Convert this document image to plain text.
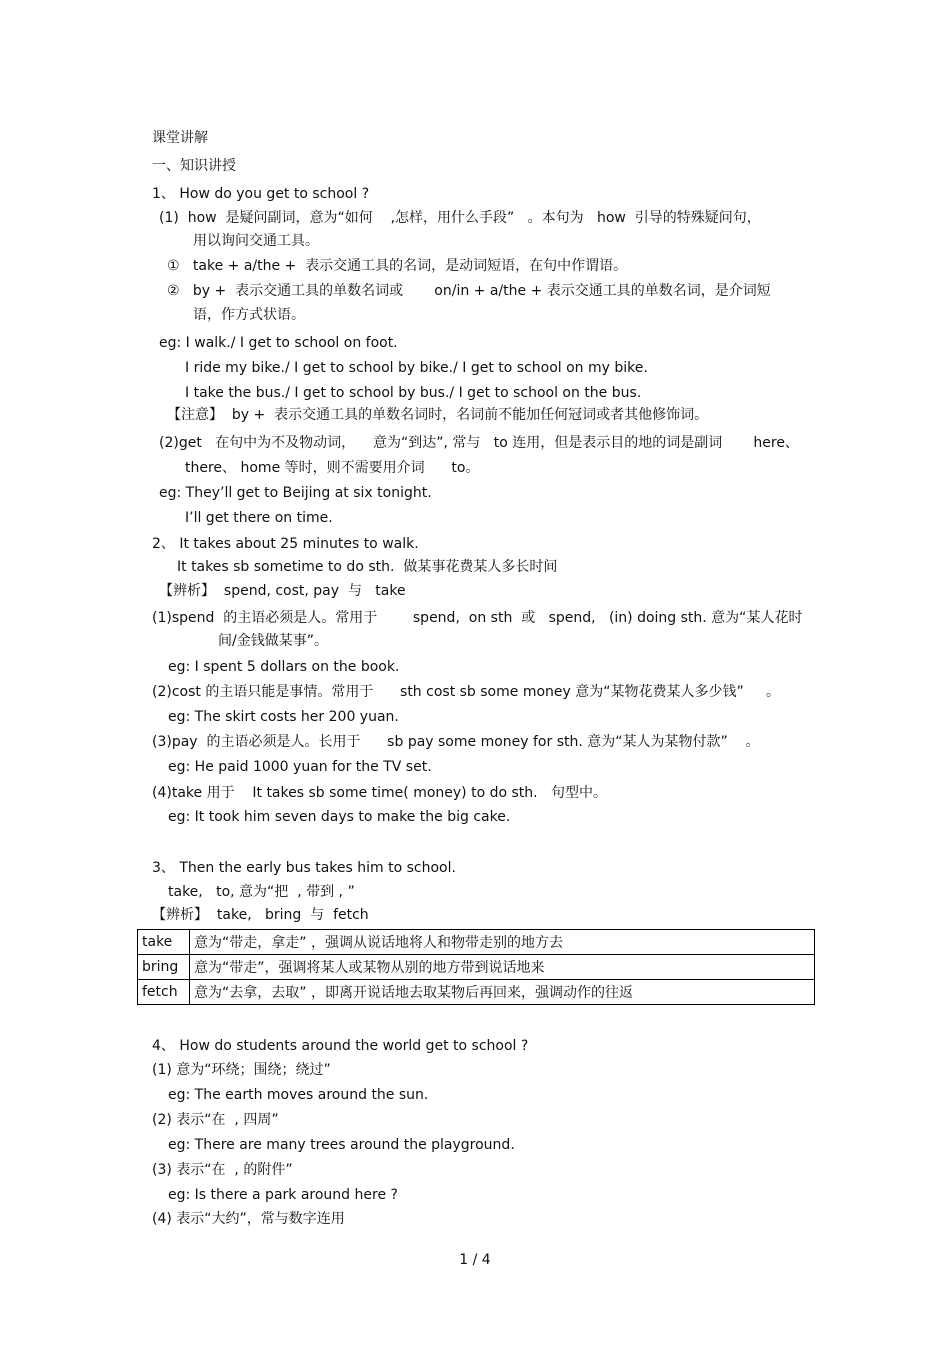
课堂讲解
一、知识讲授
1、 How do you get to school ?
(1)  how  是疑问副词，意为“如何    ,怎样，用什么手段”   。本句为   how  引导的特殊疑问句，
用以询问交通工具。
①   take + a/the +  表示交通工具的名词，是动词短语，在句中作谓语。
②   by +  表示交通工具的单数名词或       on/in + a/the + 表示交通工具的单数名词，是介词短
语，作方式状语。
eg: I walk./ I get to school on foot.
I ride my bike./ I get to school by bike./ I get to school on my bike.
I take the bus./ I get to school by bus./ I get to school on the bus.
【注意】  by +  表示交通工具的单数名词时，名词前不能加任何冠词或者其他修饰词。
(2)get   在句中为不及物动词，    意为“到达”, 常与   to 连用，但是表示目的地的词是副词       here、
there、 home 等时，则不需要用介词      to。
eg: They’ll get to Beijing at six tonight.
I’ll get there on time.
2、 It takes about 25 minutes to walk.
It takes sb sometime to do sth.  做某事花费某人多长时间
【辨析】  spend, cost, pay  与   take
(1)spend  的主语必须是人。常用于        spend,  on sth  或   spend,   (in) doing sth. 意为“某人花时
间/金钱做某事”。
eg: I spent 5 dollars on the book.
(2)cost 的主语只能是事情。常用于      sth cost sb some money 意为“某物花费某人多少钱”     。
eg: The skirt costs her 200 yuan.
(3)pay  的主语必须是人。长用于      sb pay some money for sth. 意为“某人为某物付款”    。
eg: He paid 1000 yuan for the TV set.
(4)take 用于    It takes sb some time( money) to do sth.   句型中。
eg: It took him seven days to make the big cake.
3、 Then the early bus takes him to school.
take,   to, 意为“把  , 带到 , ”
【辨析】  take,   bring  与  fetch
take	意为“带走，拿走” ，强调从说话地将人和物带走别的地方去
bring	意为“带走”，强调将某人或某物从别的地方带到说话地来
fetch	意为“去拿，去取” ，即离开说话地去取某物后再回来，强调动作的往返
4、 How do students around the world get to school ?
(1) 意为“环绕；围绕；绕过”
eg: The earth moves around the sun.
(2) 表示“在  , 四周”
eg: There are many trees around the playground.
(3) 表示“在  , 的附件”
eg: Is there a park around here ?
(4) 表示“大约”，常与数字连用
1 / 4
